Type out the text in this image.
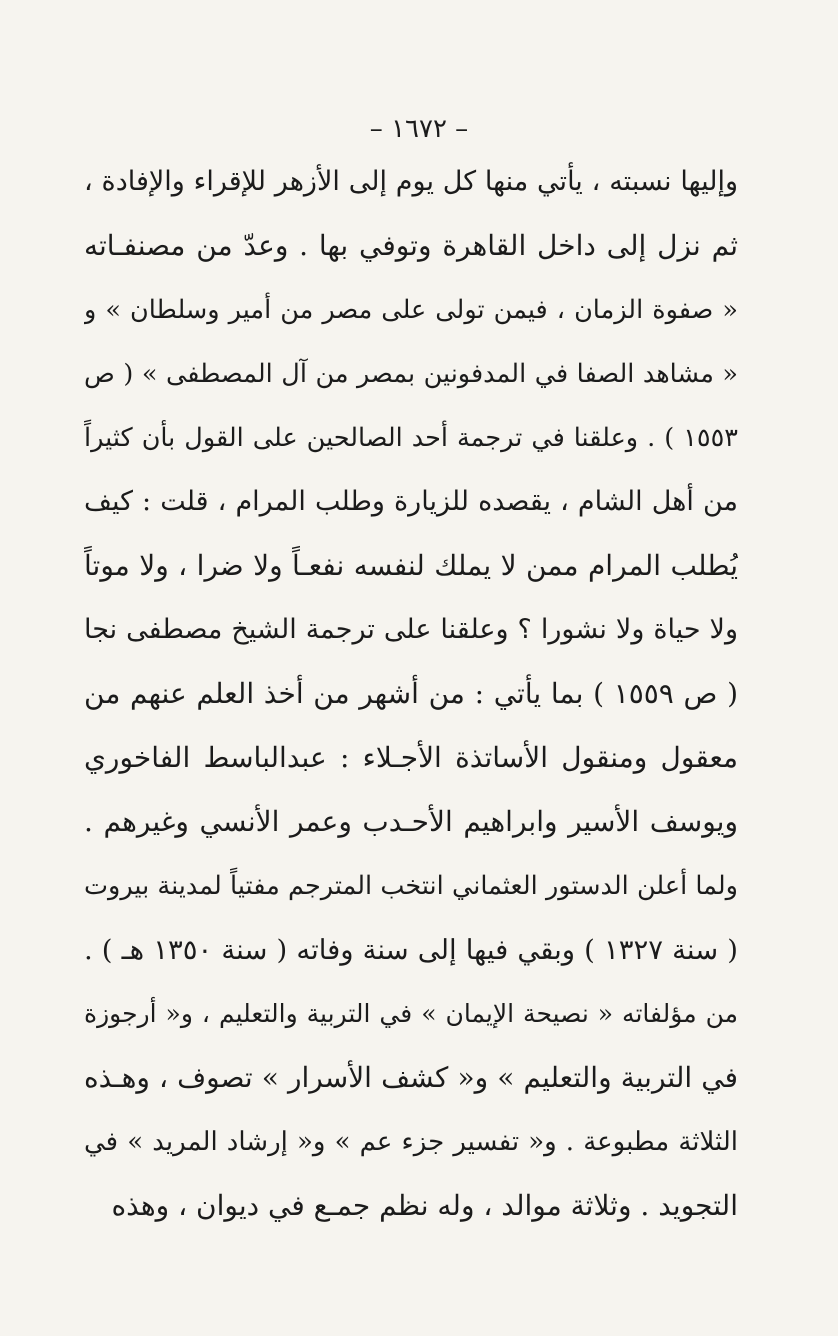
– ١٦٧٢ –
وإليها نسبته ، يأتي منها كل يوم إلى الأزهر للإقراء والإفادة ،
ثم نزل إلى داخل القاهرة وتوفي بها . وعدّ من مصنفـاته
« صفوة الزمان ، فيمن تولى على مصر من أمير وسلطان » و
« مشاهد الصفا في المدفونين بمصر من آل المصطفى » ( ص
١٥٥٣ ) . وعلقنا في ترجمة أحد الصالحين على القول بأن كثيراً
من أهل الشام ، يقصده للزيارة وطلب المرام ، قلت : كيف
يُطلب المرام ممن لا يملك لنفسه نفعـاً ولا ضرا ، ولا موتاً
ولا حياة ولا نشورا ؟ وعلقنا على ترجمة الشيخ مصطفى نجا
( ص ١٥٥٩ ) بما يأتي : من أشهر من أخذ العلم عنهم من
معقول ومنقول الأساتذة الأجـلاء : عبدالباسط الفاخوري
ويوسف الأسير وابراهيم الأحـدب وعمر الأنسي وغيرهم .
ولما أعلن الدستور العثماني انتخب المترجم مفتياً لمدينة بيروت
( سنة ١٣٢٧ ) وبقي فيها إلى سنة وفاته ( سنة ١٣٥٠ هـ ) .
من مؤلفاته « نصيحة الإيمان » في التربية والتعليم ، و« أرجوزة
في التربية والتعليم » و« كشف الأسرار » تصوف ، وهـذه
الثلاثة مطبوعة . و« تفسير جزء عم » و« إرشاد المريد » في
التجويد . وثلاثة موالد ، وله نظم جمـع في ديوان ، وهذه
